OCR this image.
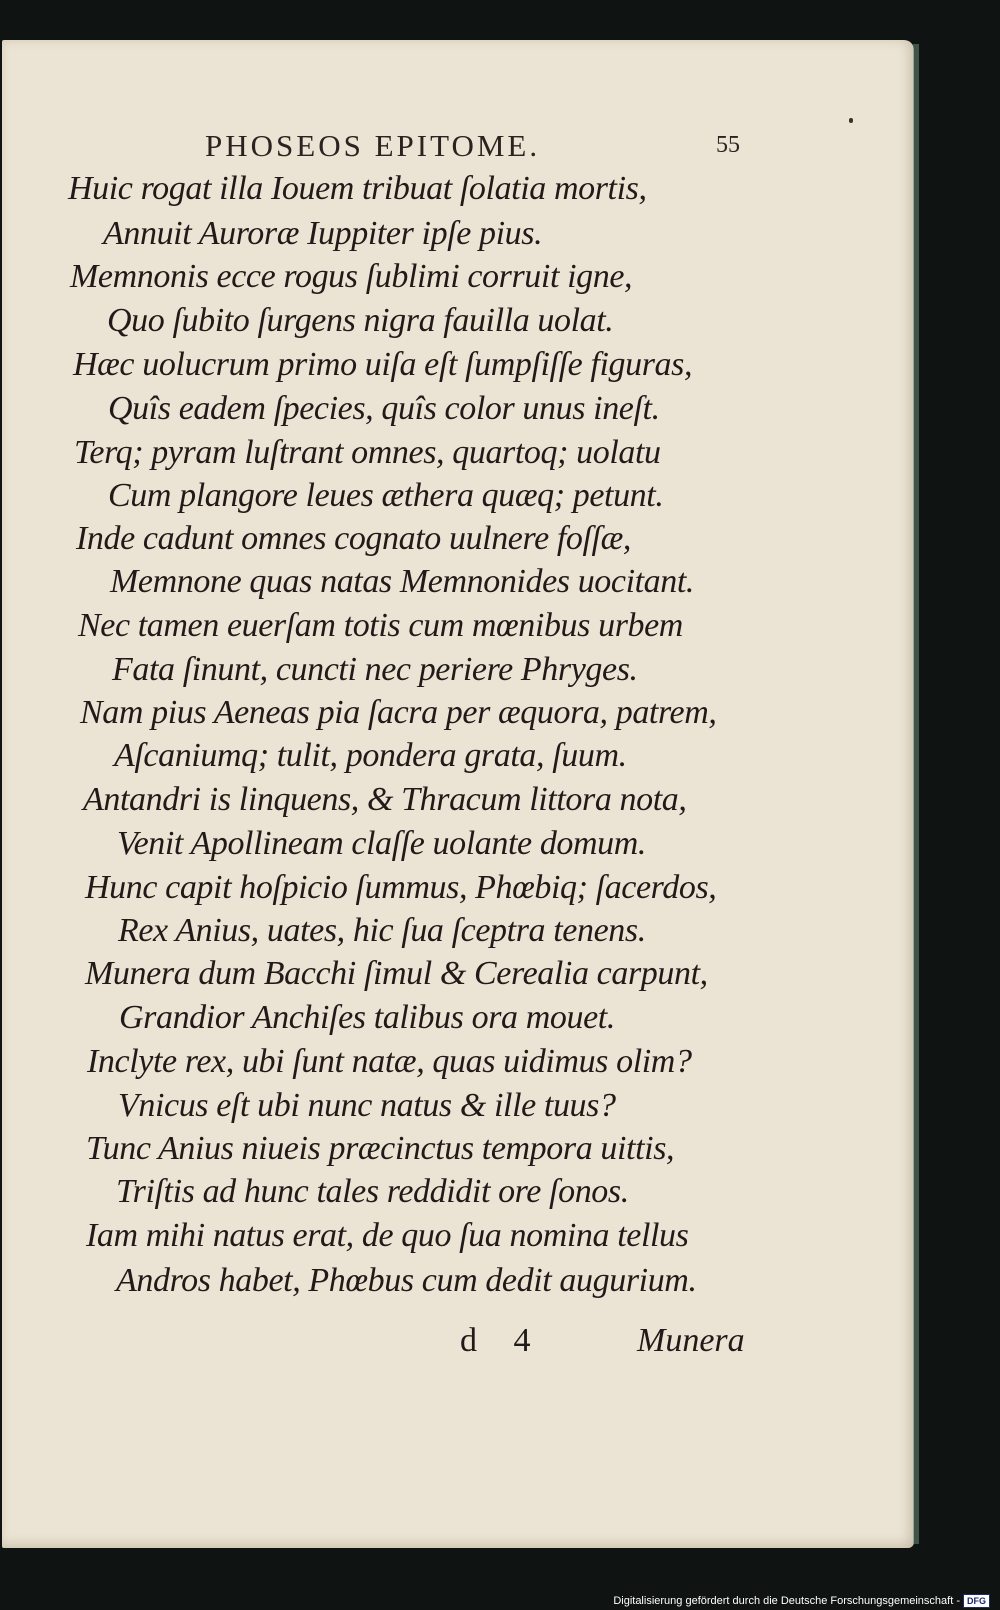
PHOSEOS EPITOME.	55
Huic rogat illa Iouem tribuat ſolatia mortis,
Annuit Auroræ Iuppiter ipſe pius.
Memnonis ecce rogus ſublimi corruit igne,
Quo ſubito ſurgens nigra fauilla uolat.
Hæc uolucrum primo uiſa eſt ſumpſiſſe figuras,
Quîs eadem ſpecies, quîs color unus ineſt.
Terq; pyram luſtrant omnes, quartoq; uolatu
Cum plangore leues æthera quæq; petunt.
Inde cadunt omnes cognato uulnere foſſæ,
Memnone quas natas Memnonides uocitant.
Nec tamen euerſam totis cum mœnibus urbem
Fata ſinunt, cuncti nec periere Phryges.
Nam pius Aeneas pia ſacra per æquora, patrem,
Aſcaniumq; tulit, pondera grata, ſuum.
Antandri is linquens, & Thracum littora nota,
Venit Apollineam claſſe uolante domum.
Hunc capit hoſpicio ſummus, Phœbiq; ſacerdos,
Rex Anius, uates, hic ſua ſceptra tenens.
Munera dum Bacchi ſimul & Cerealia carpunt,
Grandior Anchiſes talibus ora mouet.
Inclyte rex, ubi ſunt natæ, quas uidimus olim?
Vnicus eſt ubi nunc natus & ille tuus?
Tunc Anius niueis præcinctus tempora uittis,
Triſtis ad hunc tales reddidit ore ſonos.
Iam mihi natus erat, de quo ſua nomina tellus
Andros habet, Phœbus cum dedit augurium.
d 4	Munera
Digitalisierung gefördert durch die Deutsche Forschungsgemeinschaft - DFG
